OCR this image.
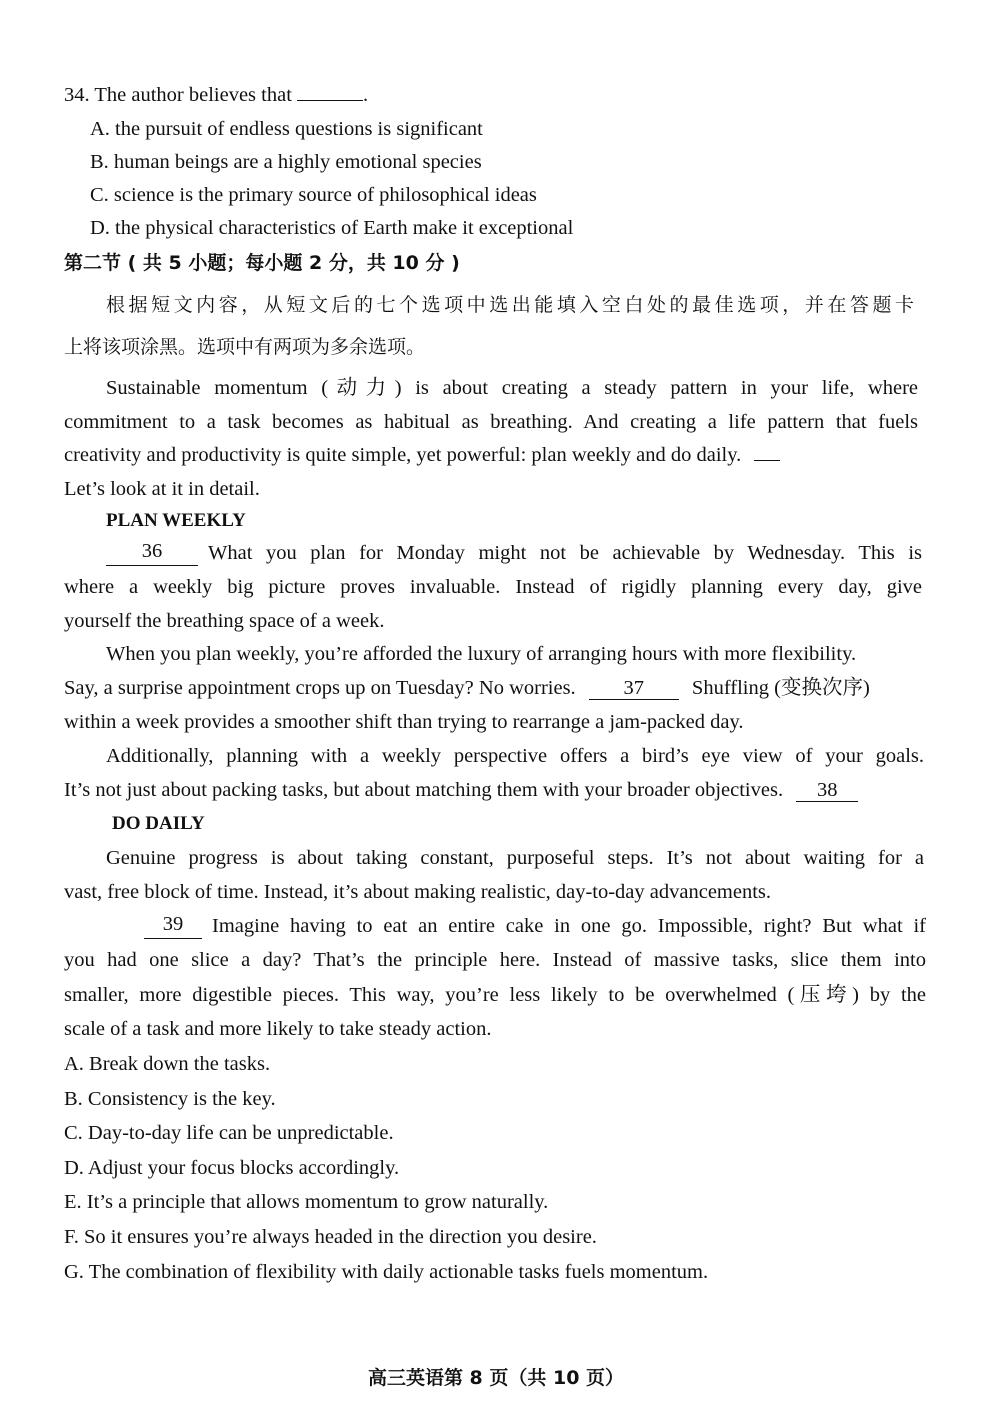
34. The author believes that	.
A. the pursuit of endless questions is significant
B. human beings are a highly emotional species
C. science is the primary source of philosophical ideas
D. the physical characteristics of Earth make it exceptional
第二节 ( 共 5 小题；每小题 2 分，共 10 分 )
根据短文内容，从短文后的七个选项中选出能填入空白处的最佳选项，并在答题卡
上将该项涂黑。选项中有两项为多余选项。
Sustainable momentum (动力) is about creating a steady pattern in your life, where
commitment to a task becomes as habitual as breathing. And creating a life pattern that fuels
creativity and productivity is quite simple, yet powerful: plan weekly and do daily.
Let’s look at it in detail.
PLAN WEEKLY
36	What you plan for Monday might not be achievable by Wednesday. This is
where a weekly big picture proves invaluable. Instead of rigidly planning every day, give
yourself the breathing space of a week.
When you plan weekly, you’re afforded the luxury of arranging hours with more flexibility.
Say, a surprise appointment crops up on Tuesday? No worries. 37 Shuffling (变换次序)
within a week provides a smoother shift than trying to rearrange a jam-packed day.
Additionally, planning with a weekly perspective offers a bird’s eye view of your goals.
It’s not just about packing tasks, but about matching them with your broader objectives. 38
DO DAILY
Genuine progress is about taking constant, purposeful steps. It’s not about waiting for a
vast, free block of time. Instead, it’s about making realistic, day-to-day advancements.
39	Imagine having to eat an entire cake in one go. Impossible, right? But what if
you had one slice a day? That’s the principle here. Instead of massive tasks, slice them into
smaller, more digestible pieces. This way, you’re less likely to be overwhelmed (压垮) by the
scale of a task and more likely to take steady action.
A. Break down the tasks.
B. Consistency is the key.
C. Day-to-day life can be unpredictable.
D. Adjust your focus blocks accordingly.
E. It’s a principle that allows momentum to grow naturally.
F. So it ensures you’re always headed in the direction you desire.
G. The combination of flexibility with daily actionable tasks fuels momentum.
高三英语第 8 页（共 10 页）
